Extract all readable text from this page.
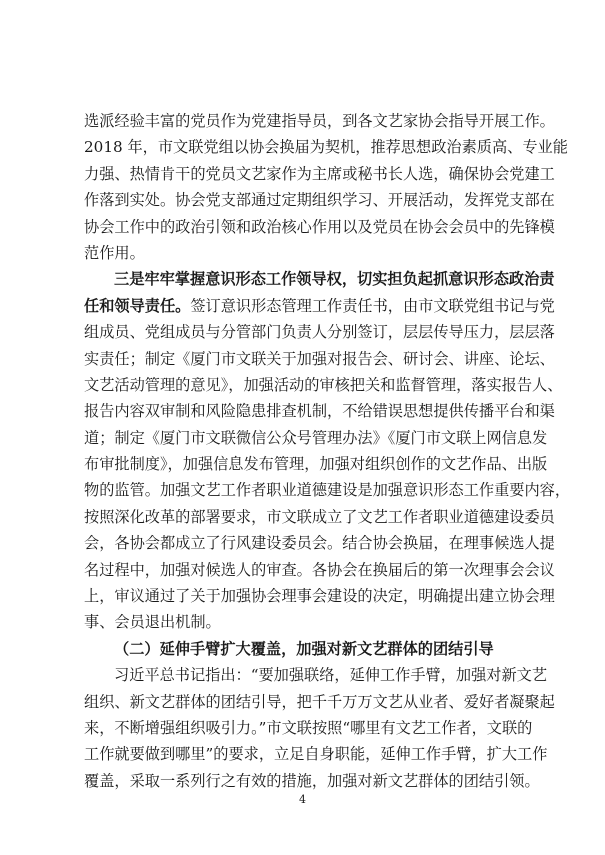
选派经验丰富的党员作为党建指导员，到各文艺家协会指导开展工作。
2018 年，市文联党组以协会换届为契机，推荐思想政治素质高、专业能
力强、热情肯干的党员文艺家作为主席或秘书长人选，确保协会党建工
作落到实处。协会党支部通过定期组织学习、开展活动，发挥党支部在
协会工作中的政治引领和政治核心作用以及党员在协会会员中的先锋模
范作用。
三是牢牢掌握意识形态工作领导权，切实担负起抓意识形态政治责
任和领导责任。签订意识形态管理工作责任书，由市文联党组书记与党
组成员、党组成员与分管部门负责人分别签订，层层传导压力，层层落
实责任；制定《厦门市文联关于加强对报告会、研讨会、讲座、论坛、
文艺活动管理的意见》，加强活动的审核把关和监督管理，落实报告人、
报告内容双审制和风险隐患排查机制，不给错误思想提供传播平台和渠
道；制定《厦门市文联微信公众号管理办法》《厦门市文联上网信息发
布审批制度》，加强信息发布管理，加强对组织创作的文艺作品、出版
物的监管。加强文艺工作者职业道德建设是加强意识形态工作重要内容，
按照深化改革的部署要求，市文联成立了文艺工作者职业道德建设委员
会，各协会都成立了行风建设委员会。结合协会换届，在理事候选人提
名过程中，加强对候选人的审查。各协会在换届后的第一次理事会会议
上，审议通过了关于加强协会理事会建设的决定，明确提出建立协会理
事、会员退出机制。
（二）延伸手臂扩大覆盖，加强对新文艺群体的团结引导
习近平总书记指出：“要加强联络，延伸工作手臂，加强对新文艺
组织、新文艺群体的团结引导，把千千万万文艺从业者、爱好者凝聚起
来，不断增强组织吸引力。”市文联按照“哪里有文艺工作者，文联的
工作就要做到哪里”的要求，立足自身职能，延伸工作手臂，扩大工作
覆盖，采取一系列行之有效的措施，加强对新文艺群体的团结引领。
4
